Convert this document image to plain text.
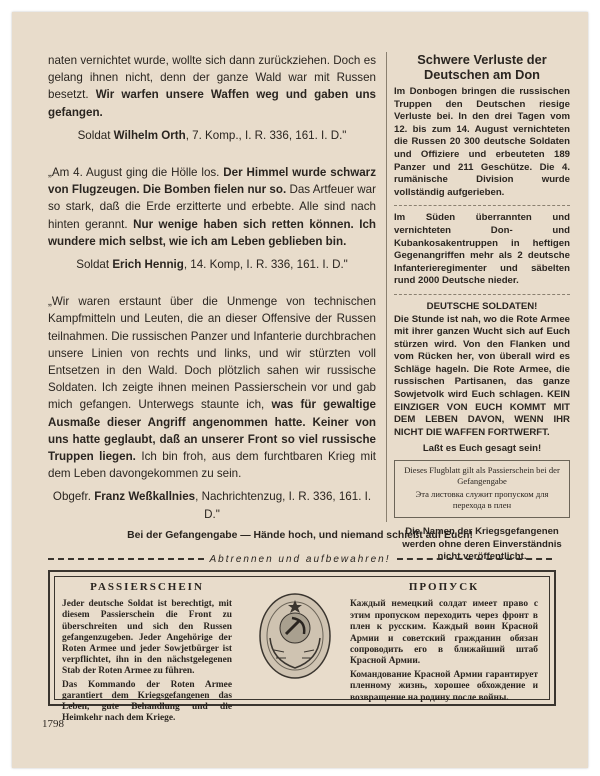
naten vernichtet wurde, wollte sich dann zurückziehen. Doch es gelang ihnen nicht, denn der ganze Wald war mit Russen besetzt. Wir warfen unsere Waffen weg und gaben uns gefangen.

Soldat Wilhelm Orth, 7. Komp., I. R. 336, 161. I. D."

„Am 4. August ging die Hölle los. Der Himmel wurde schwarz von Flugzeugen. Die Bomben fielen nur so. Das Artfeuer war so stark, daß die Erde erzitterte und erbebte. Alle sind nach hinten gerannt. Nur wenige haben sich retten können. Ich wundere mich selbst, wie ich am Leben geblieben bin.

Soldat Erich Hennig, 14. Komp, I. R. 336, 161. I. D."

„Wir waren erstaunt über die Unmenge von technischen Kampfmitteln und Leuten, die an dieser Offensive der Russen teilnahmen. Die russischen Panzer und Infanterie durchbrachen unsere Linien von rechts und links, und wir stürzten voll Entsetzen in den Wald. Doch plötzlich sahen wir russische Soldaten. Ich zeigte ihnen meinen Passierschein vor und gab mich gefangen. Unterwegs staunte ich, was für gewaltige Ausmaße dieser Angriff angenommen hatte. Keiner von uns hatte geglaubt, daß an unserer Front so viel russische Truppen liegen. Ich bin froh, aus dem furchtbaren Krieg mit dem Leben davongekommen zu sein.

Obgefr. Franz Weßkallnies, Nachrichtenzug, I. R. 336, 161. I. D."

Schwere Verluste der Deutschen am Don

Im Donbogen bringen die russischen Truppen den Deutschen riesige Verluste bei. In den drei Tagen vom 12. bis zum 14. August vernichteten die Russen 20 300 deutsche Soldaten und Offiziere und erbeuteten 189 Panzer und 211 Geschütze. Die 4. rumänische Division wurde vollständig aufgerieben.

Im Süden überrannten und vernichteten Don- und Kubankosakentruppen in heftigen Gegenangriffen mehr als 2 deutsche Infanterieregimenter und säbelten rund 2000 Deutsche nieder.

DEUTSCHE SOLDATEN!

Die Stunde ist nah, wo die Rote Armee mit ihrer ganzen Wucht sich auf Euch stürzen wird. Von den Flanken und vom Rücken her, von überall wird es Schläge hageln. Die Rote Armee, die russischen Partisanen, das ganze Sowjetvolk wird Euch schlagen. KEIN EINZIGER VON EUCH KOMMT MIT DEM LEBEN DAVON, WENN IHR NICHT DIE WAFFEN FORTWERFT.

Laßt es Euch gesagt sein!

Dieses Flugblatt gilt als Passierschein bei der Gefangengabe

Эта листовка служит пропуском для перехода в плен

Die Namen der Kriegsgefangenen werden ohne deren Einverständnis nicht veröffentlicht.

Bei der Gefangengabe — Hände hoch, und niemand schießt auf Euch!
Abtrennen und aufbewahren!

PASSIERSCHEIN

Jeder deutsche Soldat ist berechtigt, mit diesem Passierschein die Front zu überschreiten und sich den Russen gefangenzugeben. Jeder Angehörige der Roten Armee und jeder Sowjetbürger ist verpflichtet, ihn in den nächstgelegenen Stab der Roten Armee zu führen.

Das Kommando der Roten Armee garantiert dem Kriegsgefangenen das Leben, gute Behandlung und die Heimkehr nach dem Kriege.

ПРОПУСК

Каждый немецкий солдат имеет право с этим пропуском переходить через фронт в плен к русским. Каждый воин Красной Армии и советский гражданин обязан сопроводить его в ближайший штаб Красной Армии.

Командование Красной Армии гарантирует пленному жизнь, хорошее обхождение и возвращение на родину после войны.

1798
